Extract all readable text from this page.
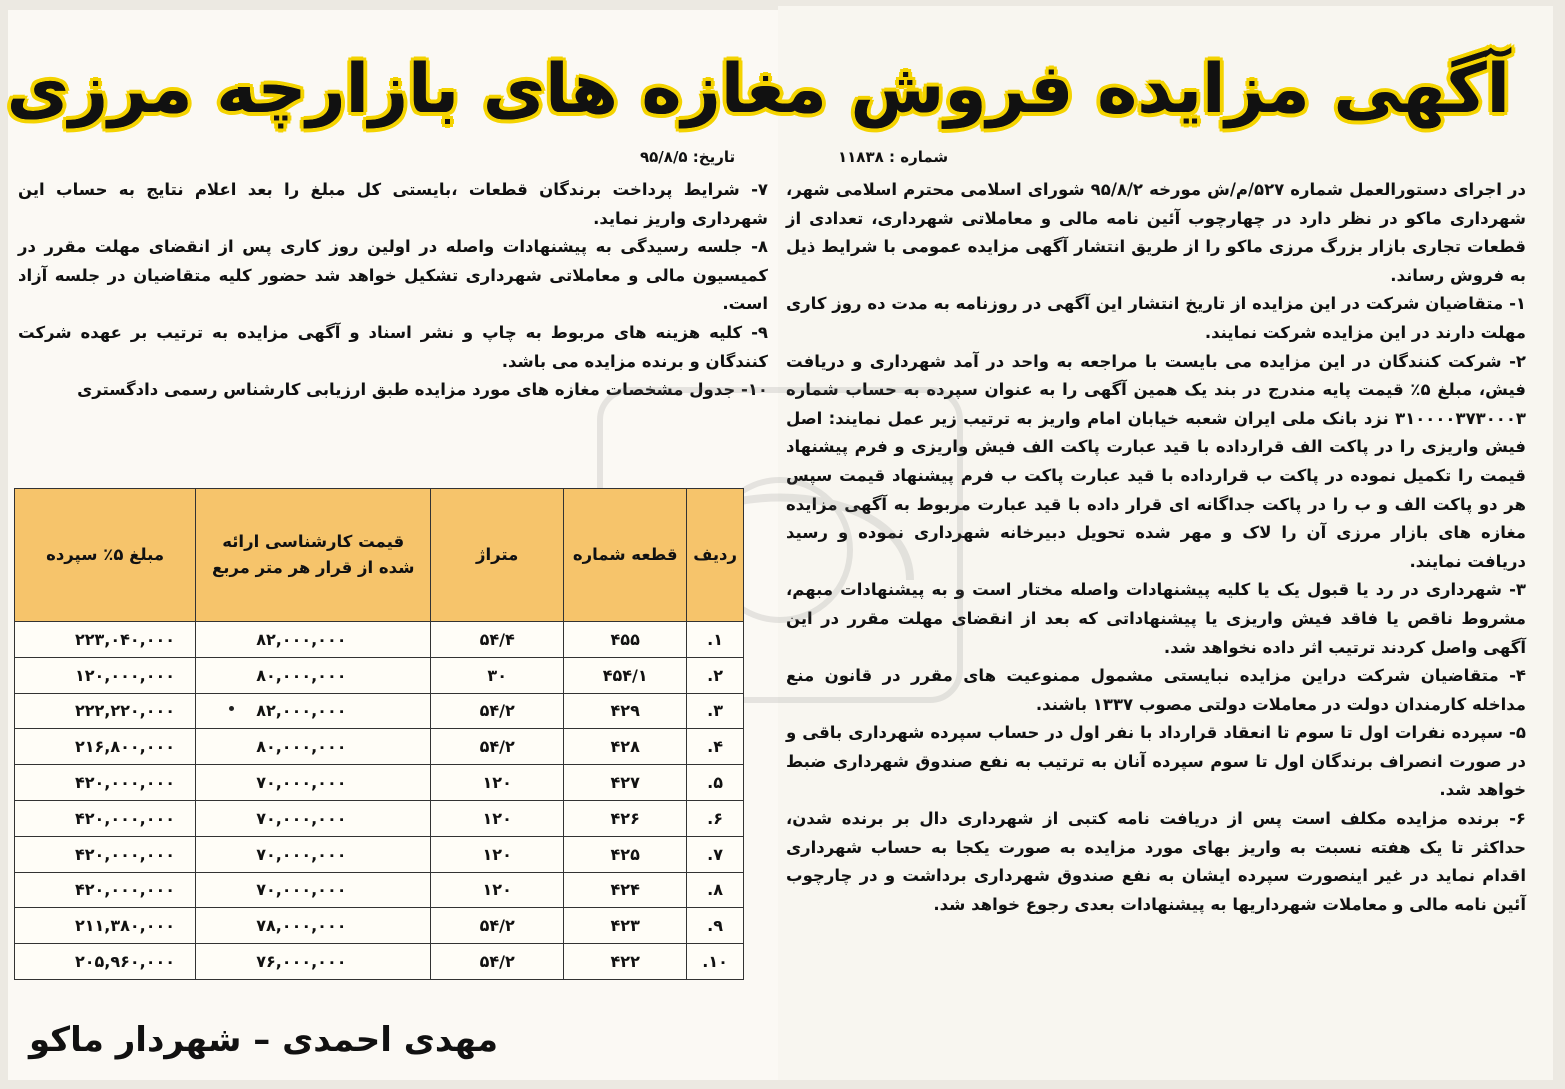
آگهی مزایده فروش مغازه های بازارچه مرزی
شماره : ۱۱۸۳۸
تاریخ: ۹۵/۸/۵

در اجرای دستورالعمل شماره ۵۲۷/م/ش مورخه ۹۵/۸/۲ شورای اسلامی محترم اسلامی شهر، شهرداری ماکو در نظر دارد در چهارچوب آئین نامه مالی و معاملاتی شهرداری، تعدادی از قطعات تجاری بازار بزرگ مرزی ماکو را از طریق انتشار آگهی مزایده عمومی با شرایط ذیل به فروش رساند.

۱- متقاضیان شرکت در این مزایده از تاریخ انتشار این آگهی در روزنامه به مدت ده روز کاری مهلت دارند در این مزایده شرکت نمایند.

۲- شرکت کنندگان در این مزایده می بایست با مراجعه به واحد در آمد شهرداری و دریافت فیش، مبلغ ۵٪ قیمت پایه مندرج در بند یک همین آگهی را به عنوان سپرده به حساب شماره ۳۱۰۰۰۰۳۷۳۰۰۰۳ نزد بانک ملی ایران شعبه خیابان امام واریز به ترتیب زیر عمل نمایند: اصل فیش واریزی را در پاکت الف قرارداده با قید عبارت پاکت الف فیش واریزی و فرم پیشنهاد قیمت را تکمیل نموده در پاکت ب قرارداده با قید عبارت پاکت ب فرم پیشنهاد قیمت سپس هر دو پاکت الف و ب را در پاکت جداگانه ای قرار داده با قید عبارت مربوط به آگهی مزایده مغازه های بازار مرزی آن را لاک و مهر شده تحویل دبیرخانه شهرداری نموده و رسید دریافت نمایند.

۳- شهرداری در رد یا قبول یک یا کلیه پیشنهادات واصله مختار است و به پیشنهادات مبهم، مشروط ناقص یا فاقد فیش واریزی یا پیشنهاداتی که بعد از انقضای مهلت مقرر در این آگهی واصل کردند ترتیب اثر داده نخواهد شد.

۴- متقاضیان شرکت دراین مزایده نبایستی مشمول ممنوعیت های مقرر در قانون منع مداخله کارمندان دولت در معاملات دولتی مصوب ۱۳۳۷ باشند.

۵- سپرده نفرات اول تا سوم تا انعقاد قرارداد با نفر اول در حساب سپرده شهرداری باقی و در صورت انصراف برندگان اول تا سوم سپرده آنان به ترتیب به نفع صندوق شهرداری ضبط خواهد شد.

۶- برنده مزایده مکلف است پس از دریافت نامه کتبی از شهرداری دال بر برنده شدن، حداکثر تا یک هفته نسبت به واریز بهای مورد مزایده به صورت یکجا به حساب شهرداری اقدام نماید در غیر اینصورت سپرده ایشان به نفع صندوق شهرداری برداشت و در چارچوب آئین نامه مالی و معاملات شهرداریها به پیشنهادات بعدی رجوع خواهد شد.

۷- شرایط پرداخت برندگان قطعات ،بایستی کل مبلغ را بعد اعلام نتایج به حساب این شهرداری واریز نماید.

۸- جلسه رسیدگی به پیشنهادات واصله در اولین روز کاری پس از انقضای مهلت مقرر در کمیسیون مالی و معاملاتی شهرداری تشکیل خواهد شد حضور کلیه متقاضیان در جلسه آزاد است.

۹- کلیه هزینه های مربوط به چاپ و نشر اسناد و آگهی مزایده به ترتیب بر عهده شرکت کنندگان و برنده مزایده می باشد.

۱۰- جدول مشخصات مغازه های مورد مزایده طبق ارزیابی کارشناس رسمی دادگستری

ردیف	قطعه شماره	متراژ	قیمت کارشناسی ارائه شده از قرار هر متر مربع	مبلغ ۵٪ سپرده
۱.	۴۵۵	۵۴/۴	۸۲,۰۰۰,۰۰۰	۲۲۳,۰۴۰,۰۰۰
۲.	۴۵۴/۱	۳۰	۸۰,۰۰۰,۰۰۰	۱۲۰,۰۰۰,۰۰۰
۳.	۴۲۹	۵۴/۲	۸۲,۰۰۰,۰۰۰	۲۲۲,۲۲۰,۰۰۰
۴.	۴۲۸	۵۴/۲	۸۰,۰۰۰,۰۰۰	۲۱۶,۸۰۰,۰۰۰
۵.	۴۲۷	۱۲۰	۷۰,۰۰۰,۰۰۰	۴۲۰,۰۰۰,۰۰۰
۶.	۴۲۶	۱۲۰	۷۰,۰۰۰,۰۰۰	۴۲۰,۰۰۰,۰۰۰
۷.	۴۲۵	۱۲۰	۷۰,۰۰۰,۰۰۰	۴۲۰,۰۰۰,۰۰۰
۸.	۴۲۴	۱۲۰	۷۰,۰۰۰,۰۰۰	۴۲۰,۰۰۰,۰۰۰
۹.	۴۲۳	۵۴/۲	۷۸,۰۰۰,۰۰۰	۲۱۱,۳۸۰,۰۰۰
۱۰.	۴۲۲	۵۴/۲	۷۶,۰۰۰,۰۰۰	۲۰۵,۹۶۰,۰۰۰
مهدی احمدی – شهردار ماکو
